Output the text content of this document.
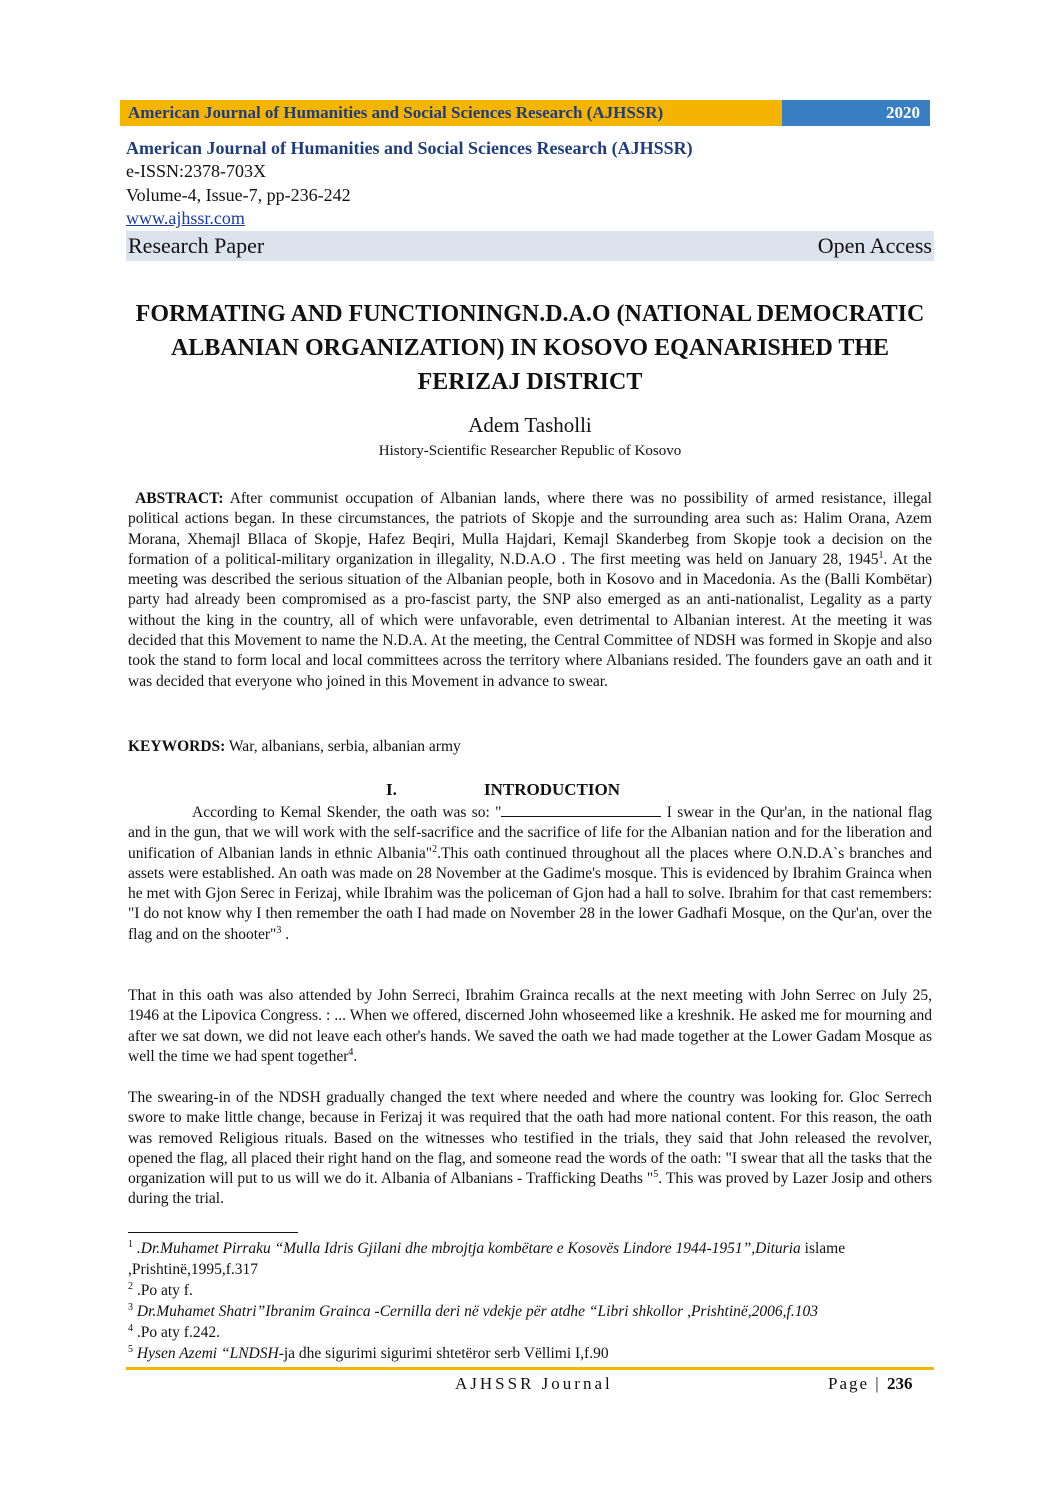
American Journal of Humanities and Social Sciences Research (AJHSSR)	2020
American Journal of Humanities and Social Sciences Research (AJHSSR)
e-ISSN:2378-703X
Volume-4, Issue-7, pp-236-242
www.ajhssr.com
Research Paper	Open Access
FORMATING AND FUNCTIONINGN.D.A.O (NATIONAL DEMOCRATIC ALBANIAN ORGANIZATION) IN KOSOVO EQANARISHED THE FERIZAJ DISTRICT
Adem Tasholli
History-Scientific Researcher Republic of Kosovo
ABSTRACT: After communist occupation of Albanian lands, where there was no possibility of armed resistance, illegal political actions began. In these circumstances, the patriots of Skopje and the surrounding area such as: Halim Orana, Azem Morana, Xhemajl Bllaca of Skopje, Hafez Beqiri, Mulla Hajdari, Kemajl Skanderbeg from Skopje took a decision on the formation of a political-military organization in illegality, N.D.A.O . The first meeting was held on January 28, 1945$^1$. At the meeting was described the serious situation of the Albanian people, both in Kosovo and in Macedonia. As the (Balli Kombëtar) party had already been compromised as a pro-fascist party, the SNP also emerged as an anti-nationalist, Legality as a party without the king in the country, all of which were unfavorable, even detrimental to Albanian interest. At the meeting it was decided that this Movement to name the N.D.A. At the meeting, the Central Committee of NDSH was formed in Skopje and also took the stand to form local and local committees across the territory where Albanians resided. The founders gave an oath and it was decided that everyone who joined in this Movement in advance to swear.
KEYWORDS: War, albanians, serbia, albanian army
I.	INTRODUCTION
According to Kemal Skender, the oath was so: "	I swear in the Qur'an, in the national flag and in the gun, that we will work with the self-sacrifice and the sacrifice of life for the Albanian nation and for the liberation and unification of Albanian lands in ethnic Albania"$^2$.This oath continued throughout all the places where O.N.D.A`s branches and assets were established. An oath was made on 28 November at the Gadime's mosque. This is evidenced by Ibrahim Grainca when he met with Gjon Serec in Ferizaj, while Ibrahim was the policeman of Gjon had a hall to solve. Ibrahim for that cast remembers: "I do not know why I then remember the oath I had made on November 28 in the lower Gadhafi Mosque, on the Qur'an, over the flag and on the shooter"$^3$ .
That in this oath was also attended by John Serreci, Ibrahim Grainca recalls at the next meeting with John Serrec on July 25, 1946 at the Lipovica Congress. : ... When we offered, discerned John whoseemed like a kreshnik. He asked me for mourning and after we sat down, we did not leave each other's hands. We saved the oath we had made together at the Lower Gadam Mosque as well the time we had spent together$^4$.
The swearing-in of the NDSH gradually changed the text where needed and where the country was looking for. Gloc Serrech swore to make little change, because in Ferizaj it was required that the oath had more national content. For this reason, the oath was removed Religious rituals. Based on the witnesses who testified in the trials, they said that John released the revolver, opened the flag, all placed their right hand on the flag, and someone read the words of the oath: "I swear that all the tasks that the organization will put to us will we do it. Albania of Albanians - Trafficking Deaths "$^5$. This was proved by Lazer Josip and others during the trial.
$^1$ .Dr.Muhamet Pirraku “Mulla Idris Gjilani dhe mbrojtja kombëtare e Kosovës Lindore 1944-1951”,Dituria islame ,Prishtinë,1995,f.317
$^2$ .Po aty f.
$^3$ Dr.Muhamet Shatri”Ibranim Grainca -Cernilla deri në vdekje për atdhe “Libri shkollor ,Prishtinë,2006,f.103
$^4$ .Po aty f.242.
$^5$ Hysen Azemi “LNDSH-ja dhe sigurimi sigurimi shtetëror serb Vëllimi I,f.90
AJHSSR Journal	Page | 236
